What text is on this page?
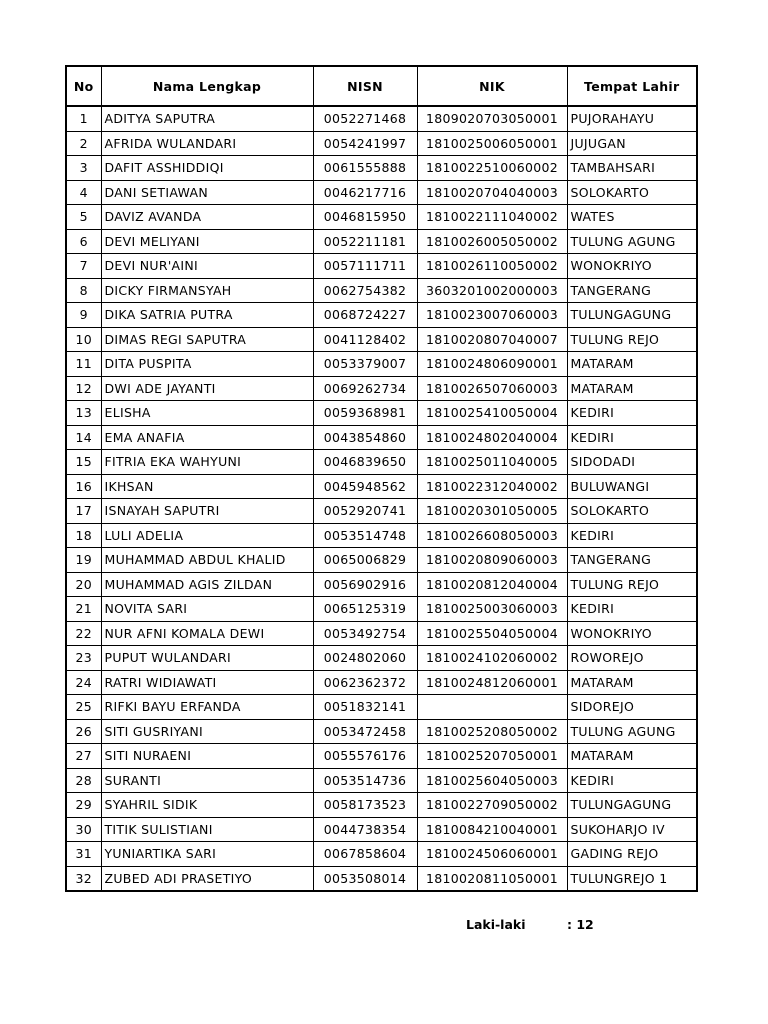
No	Nama Lengkap	NISN	NIK	Tempat Lahir
1	ADITYA SAPUTRA	0052271468	1809020703050001	PUJORAHAYU
2	AFRIDA WULANDARI	0054241997	1810025006050001	JUJUGAN
3	DAFIT ASSHIDDIQI	0061555888	1810022510060002	TAMBAHSARI
4	DANI SETIAWAN	0046217716	1810020704040003	SOLOKARTO
5	DAVIZ AVANDA	0046815950	1810022111040002	WATES
6	DEVI MELIYANI	0052211181	1810026005050002	TULUNG AGUNG
7	DEVI NUR'AINI	0057111711	1810026110050002	WONOKRIYO
8	DICKY FIRMANSYAH	0062754382	3603201002000003	TANGERANG
9	DIKA SATRIA PUTRA	0068724227	1810023007060003	TULUNGAGUNG
10	DIMAS REGI SAPUTRA	0041128402	1810020807040007	TULUNG REJO
11	DITA PUSPITA	0053379007	1810024806090001	MATARAM
12	DWI ADE JAYANTI	0069262734	1810026507060003	MATARAM
13	ELISHA	0059368981	1810025410050004	KEDIRI
14	EMA ANAFIA	0043854860	1810024802040004	KEDIRI
15	FITRIA EKA WAHYUNI	0046839650	1810025011040005	SIDODADI
16	IKHSAN	0045948562	1810022312040002	BULUWANGI
17	ISNAYAH SAPUTRI	0052920741	1810020301050005	SOLOKARTO
18	LULI ADELIA	0053514748	1810026608050003	KEDIRI
19	MUHAMMAD ABDUL KHALID	0065006829	1810020809060003	TANGERANG
20	MUHAMMAD AGIS ZILDAN	0056902916	1810020812040004	TULUNG REJO
21	NOVITA SARI	0065125319	1810025003060003	KEDIRI
22	NUR AFNI KOMALA DEWI	0053492754	1810025504050004	WONOKRIYO
23	PUPUT WULANDARI	0024802060	1810024102060002	ROWOREJO
24	RATRI WIDIAWATI	0062362372	1810024812060001	MATARAM
25	RIFKI BAYU ERFANDA	0051832141		SIDOREJO
26	SITI GUSRIYANI	0053472458	1810025208050002	TULUNG AGUNG
27	SITI NURAENI	0055576176	1810025207050001	MATARAM
28	SURANTI	0053514736	1810025604050003	KEDIRI
29	SYAHRIL SIDIK	0058173523	1810022709050002	TULUNGAGUNG
30	TITIK SULISTIANI	0044738354	1810084210040001	SUKOHARJO IV
31	YUNIARTIKA SARI	0067858604	1810024506060001	GADING REJO
32	ZUBED ADI PRASETIYO	0053508014	1810020811050001	TULUNGREJO 1
Laki-laki	: 12
